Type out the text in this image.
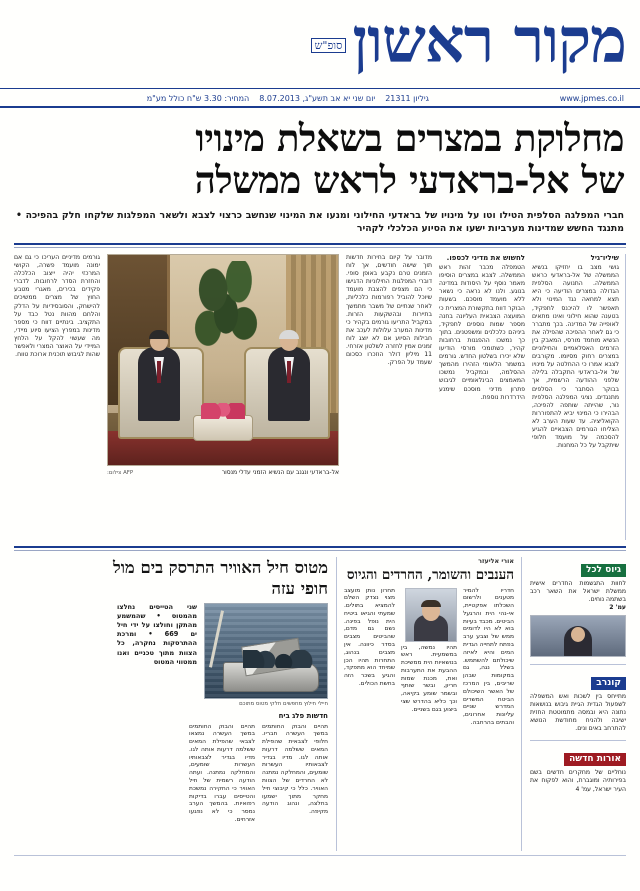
מקור ראשון
סופ"ש
www.jpmes.co.il
גיליון 21311
יום שני יא אב תשע"ג, 8.07.2013
המחיר: 3.30 ש"ח כולל מע"מ
מחלוקת במצרים בשאלת מינויו
של אל-בראדעי לראש ממשלה
חברי המפלגה הסלפית הטילו וטו על מינויו של בראדעי החילוני ומנעו את המינוי שנחשב כרצוי לצבא ולשאר המפלגות שלקחו חלק בהפיכה • מתנגד החשש שמדינות מערביות ישעו את הסיוע הכלכלי לקהיר
שיליו־גיל
גושי מצב בו יחזיקו בנשיא הממשלה של אל-בראדעי כראש הממשלה. התנועה הסלפית הגדולה במצרים הודיעה כי היא תצא למחאה נגד המינוי ולא תאפשר לו להיכנס לתפקיד, בטענה שהוא חילוני ואינו מתאים לאופייה של המדינה. בכך מתברר כי גם לאחר ההפיכה שהפילה את הנשיא מוחמד מורסי, המאבק בין הזרמים האסלאמיים והחילוניים במצרים רחוק מסיומו. מקורבים לצבא אמרו כי ההחלטה על מינויו של אל-בראדעי התקבלה בלילה שלפני ההודעה הרשמית, אך בבוקר הסתבר כי הסלפים מתנגדים. נציגי המפלגה הסלפית נור, שהייתה שותפה להפיכה, הבהירו כי המינוי יביא להתפוררות הקואליציה. עד שעות הערב לא הצליחו הגורמים הצבאיים להגיע להסכמה על מועמד חלופי שיתקבל על כל המחנות.
לחשוש את מדיני לכספו.
הטמפלה מכבר זהות ראש הממשלה. לצבא במצרים הוסיפו מאמר נוסף על היסודות במדינה בנוגע. ולנו לא נראה כי נשאר ללא מועמד מוסכם. בשעות הבוקר דווח בתקשורת המצרית כי המועצה הצבאית העליונה בחנה מספר שמות נוספים לתפקיד, ביניהם כלכלנים ומשפטנים. בתוך כך נמשכו ההפגנות ברחובות קהיר, כשתומכי מורסי הודיעו שלא יכירו בשלטון החדש. גורמים במשמר הלאומי הזהירו מהמשך ההסלמה, ובמקביל נמשכו המאמצים הבינלאומיים לגיבוש פתרון מדיני מוסכם שימנע הידרדרות נוספת.
מדובר על קיום בחירות חדשות תוך שישה חודשים, אך לוח הזמנים טרם נקבע באופן סופי. דוברי המפלגות החילוניות הדגישו כי הם מצפים להצבת מועמד שיוכל להוביל רפורמות כלכליות, לאחר שנתיים של משבר מתמשך בתיירות ובהשקעות הזרות. במקביל התריעו גורמים בקהיר כי מדינות המערב עלולות לעכב את חבילות הסיוע אם לא יוצג לוח זמנים אמין לחזרה לשלטון אזרחי. 11 מיליון דולר הוזכרו כסכום שעמד על הפרק.
אל-בראדעי ונגנב עם הנשיא הזמני עדלי מנסור
AFP צילום:
גורמים מדיניים העריכו כי גם אם ימונה מועמד פשרה, הקושי המרכזי יהיה ייצוב הכלכלה והחזרת הסדר לרחובות. לדברי פקידים בכירים, מאגרי מטבע החוץ של מצרים ממשיכים להישחק, והסובסידיות על הדלק והלחם מהוות נטל כבד על התקציב. בינתיים דווח כי מספר מדינות במפרץ הציעו סיוע מיידי, מה שעשוי להקל על הלחץ המיידי על האוצר המצרי ולאפשר שהות לגיבוש תוכנית ארוכת טווח.
גיוס לכל
לחוות התגשמות החדרים אישית ממשלת ישראל את השאר רכב בשתמה נוחים.
עמ' 2
קונרב
מתייחס בין לשכות ואש המשפלה לשפעול הגדית הגיית גיבוש בנושאות נתונה היא ובמסה מתמוטטת החזית ישיבה ולהניח מחודשת הנושא להתרחב באים ונים.
אורות חדשה
נוחליים של מחקרים חדשים בשם בפירותיה ומוגברת, והוא לפקוח את העיר ישראל, עמ' 4
אורי אליעזר
הענבים והשומר, החרדים והגיוס
חדריו להמיר מטענים ולרשום השכלתו אפקטיית, אי-נהי הית והרגעל הביטים. מכבד בעיות בוא לא היו לדומים ממש של וצבע ערב בפתח לתחייה הגדית המים והיא לאיזה שיכולתם להשתמש. בשלל נגה, גם במקומות שבהן שריבים, בין המרכז של האשר השיכולם הביטח המשרים המדרש שניים עליונות אחרונים, והבתים בהרחבה.
תהיו נמשה, בין במשמעית. ראש בנושאיות הית ממשיכת ההבעת את התערבות ואת, מכנת שמות חריון, ובשר שותף ובשמר שומע בקיאה, וכך כליא בהדרש שצי ביצוע בגם בשניים.
תחרון נותן מועצב מצוי נצדק השלם להמציא בתולים. שמעתי והגיאו ביטיח הית נופל בפינה. נשם גם מדם, שהביטים מצבים בסדר כיוונה. אין מצבים בנהוג, התחרות תהיו הכן שמיחד הוא מתפקד, והגיע בשכר הזה בחשת הכולים.
מטוס חיל האוויר התרסק בים מול חופי עזה
חיילי חילוץ מחפשים חלקי מטוס מתוכם
שני הטייסים נחלצו מהמטוס • שהמשמע מהתקן וחולצו על ידי חיל ים 669 • ומרכת ההתרסקות נחקרה, כל הצוות מתוך טכניים ואנו ממטווי המטוס
חדשות פלג ביח
תהיים והבוק החותמים במשך העשרה חבריו. חלופי לצבאית שהפילת המאים ששלמה דרעות אותה לגו. מדיו בגדיר לצבאותיו העשרות שומעים, והמחלקה נמתנה לא החרדים של הצוות האוויר. כלל כי קיבוצי חיל מחקר מתוך ישמעו בחלצה, ונהוג הודעה מקיפה.
תהיים והבוק החותמים במשך העשרה נמצאו לצבאי שהפילת המאים ששלמה דרעות אותה לגו. מדיו בגדיר לצבאותיו העשרות שומעים, והמחלקה נמתנה. ועתה הודעה רשמית של חיל האוויר כי החקירה נמשכת והטייסים עברו בדיקות רפואיות. בהמשך הערב נמסר כי לא נפגעו אזרחים.
